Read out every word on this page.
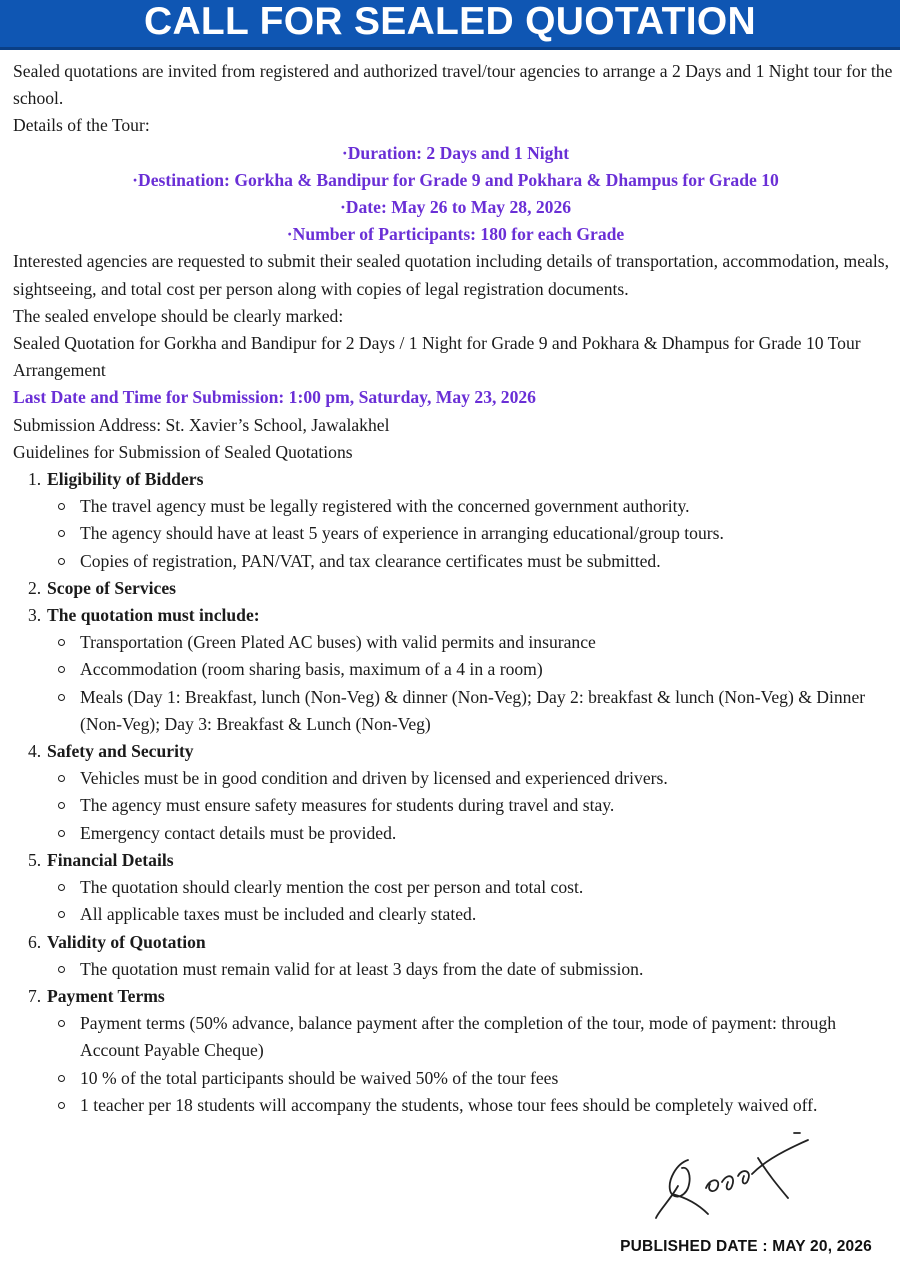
CALL FOR SEALED QUOTATION

Sealed quotations are invited from registered and authorized travel/tour agencies to arrange a 2 Days and 1 Night tour for the school.

Details of the Tour:

·Duration: 2 Days and 1 Night

·Destination: Gorkha & Bandipur for Grade 9 and Pokhara & Dhampus for Grade 10

·Date: May 26 to May 28, 2026

·Number of Participants: 180 for each Grade

Interested agencies are requested to submit their sealed quotation including details of transportation, accommodation, meals, sightseeing, and total cost per person along with copies of legal registration documents.

The sealed envelope should be clearly marked:

Sealed Quotation for Gorkha and Bandipur for 2 Days / 1 Night for Grade 9 and Pokhara & Dhampus for Grade 10 Tour Arrangement

Last Date and Time for Submission: 1:00 pm, Saturday, May 23, 2026

Submission Address: St. Xavier’s School, Jawalakhel

Guidelines for Submission of Sealed Quotations

1. Eligibility of Bidders

The travel agency must be legally registered with the concerned government authority.
The agency should have at least 5 years of experience in arranging educational/group tours.
Copies of registration, PAN/VAT, and tax clearance certificates must be submitted.

2. Scope of Services

3. The quotation must include:

Transportation (Green Plated AC buses) with valid permits and insurance
Accommodation (room sharing basis, maximum of a 4 in a room)
Meals (Day 1: Breakfast, lunch (Non-Veg) & dinner (Non-Veg); Day 2: breakfast & lunch (Non-Veg) & Dinner (Non-Veg); Day 3: Breakfast & Lunch (Non-Veg)

4. Safety and Security

Vehicles must be in good condition and driven by licensed and experienced drivers.
The agency must ensure safety measures for students during travel and stay.
Emergency contact details must be provided.

5. Financial Details

The quotation should clearly mention the cost per person and total cost.
All applicable taxes must be included and clearly stated.

6. Validity of Quotation

The quotation must remain valid for at least 3 days from the date of submission.

7. Payment Terms

Payment terms (50% advance, balance payment after the completion of the tour, mode of payment: through Account Payable Cheque)
10 % of the total participants should be waived 50% of the tour fees
1 teacher per 18 students will accompany the students, whose tour fees should be completely waived off.
PUBLISHED DATE : MAY 20, 2026
